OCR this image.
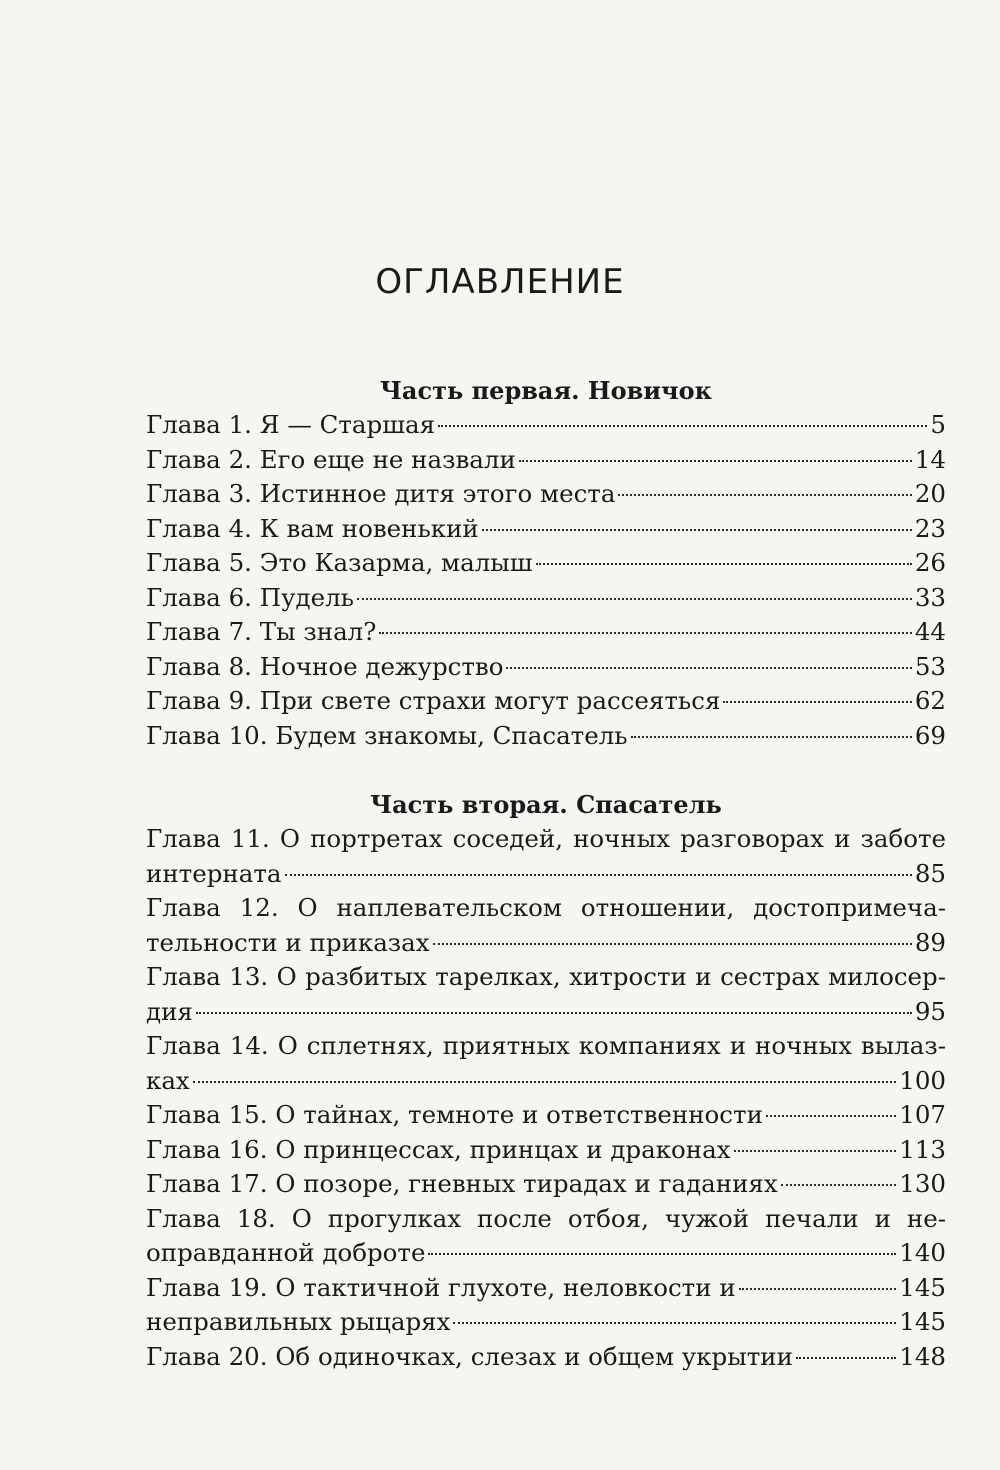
ОГЛАВЛЕНИЕ
Часть первая. Новичок
Глава 1. Я — Старшая	5
Глава 2. Его еще не назвали	14
Глава 3. Истинное дитя этого места	20
Глава 4. К вам новенький	23
Глава 5. Это Казарма, малыш	26
Глава 6. Пудель	33
Глава 7. Ты знал?	44
Глава 8. Ночное дежурство	53
Глава 9. При свете страхи могут рассеяться	62
Глава 10. Будем знакомы, Спасатель	69
Часть вторая. Спасатель
Глава 11. О портретах соседей, ночных разговорах и заботе
интерната	85
Глава 12. О наплевательском отношении, достопримеча-
тельности и приказах	89
Глава 13. О разбитых тарелках, хитрости и сестрах милосер-
дия	95
Глава 14. О сплетнях, приятных компаниях и ночных вылаз-
ках	100
Глава 15. О тайнах, темноте и ответственности	107
Глава 16. О принцессах, принцах и драконах	113
Глава 17. О позоре, гневных тирадах и гаданиях	130
Глава 18. О прогулках после отбоя, чужой печали и не-
оправданной доброте	140
Глава 19. О тактичной глухоте, неловкости и	145
неправильных рыцарях	145
Глава 20. Об одиночках, слезах и общем укрытии	148
